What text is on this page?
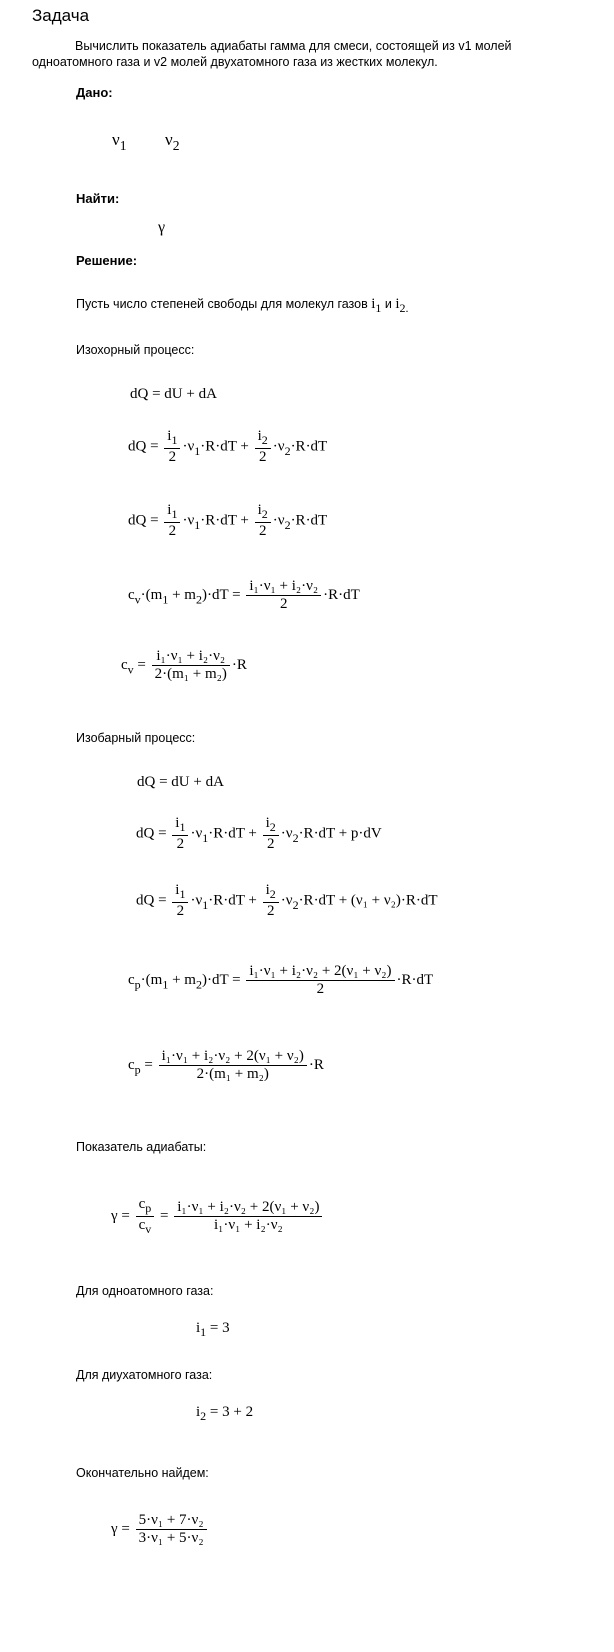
Задача
Вычислить показатель адиабаты гамма для смеси, состоящей из v1 молей
одноатомного газа и v2 молей двухатомного газа из жестких молекул.
Дано:
$\nu_1$ $\nu_2$
Найти:
γ
Решение:
Пусть число степеней свободы для молекул газов $i_1$ и $i_{2.}$
Изохорный процесс:
dQ = dU + dA
dQ = $\frac{i_1}{2} \cdot\nu_1\cdot R\cdot dT + \frac{i_2}{2} \cdot\nu_2\cdot R\cdot dT$
dQ = $\frac{i_1}{2} \cdot\nu_1\cdot R\cdot dT + \frac{i_2}{2} \cdot\nu_2\cdot R\cdot dT$
$c_v\cdot(m_1 + m_2)\cdot dT = \frac{\text{i₁·ν₁ + i₂·ν₂}}{2} \cdot R\cdot dT$
$c_v = \frac{\text{i₁·ν₁ + i₂·ν₂}}{\text{2·(m₁ + m₂)}} \cdot R$
Изобарный процесс:
dQ = dU + dA
dQ = $\frac{i_1}{2} \cdot\nu_1\cdot R\cdot dT + \frac{i_2}{2} \cdot\nu_2\cdot R\cdot dT + p\cdot dV$
dQ = $\frac{i_1}{2} \cdot\nu_1\cdot R\cdot dT + \frac{i_2}{2} \cdot\nu_2\cdot R\cdot dT + (\nu_1 + \nu_2)\cdot R\cdot dT$
$c_p\cdot(m_1 + m_2)\cdot dT = \frac{\text{i₁·ν₁ + i₂·ν₂ + 2(ν₁ + ν₂)}}{2} \cdot R\cdot dT$
$c_p = \frac{\text{i₁·ν₁ + i₂·ν₂ + 2(ν₁ + ν₂)}}{\text{2·(m₁ + m₂)}} \cdot R$
Показатель адиабаты:
$\gamma = \frac{c_p}{c_v} = \frac{\text{i₁·ν₁ + i₂·ν₂ + 2(ν₁ + ν₂)}}{\text{i₁·ν₁ + i₂·ν₂}}$
Для одноатомного газа:
$i_1 = 3$
Для диухатомного газа:
$i_2 = 3 + 2$
Окончательно найдем:
$\gamma = \frac{\text{5·ν₁ + 7·ν₂}}{\text{3·ν₁ + 5·ν₂}}$
